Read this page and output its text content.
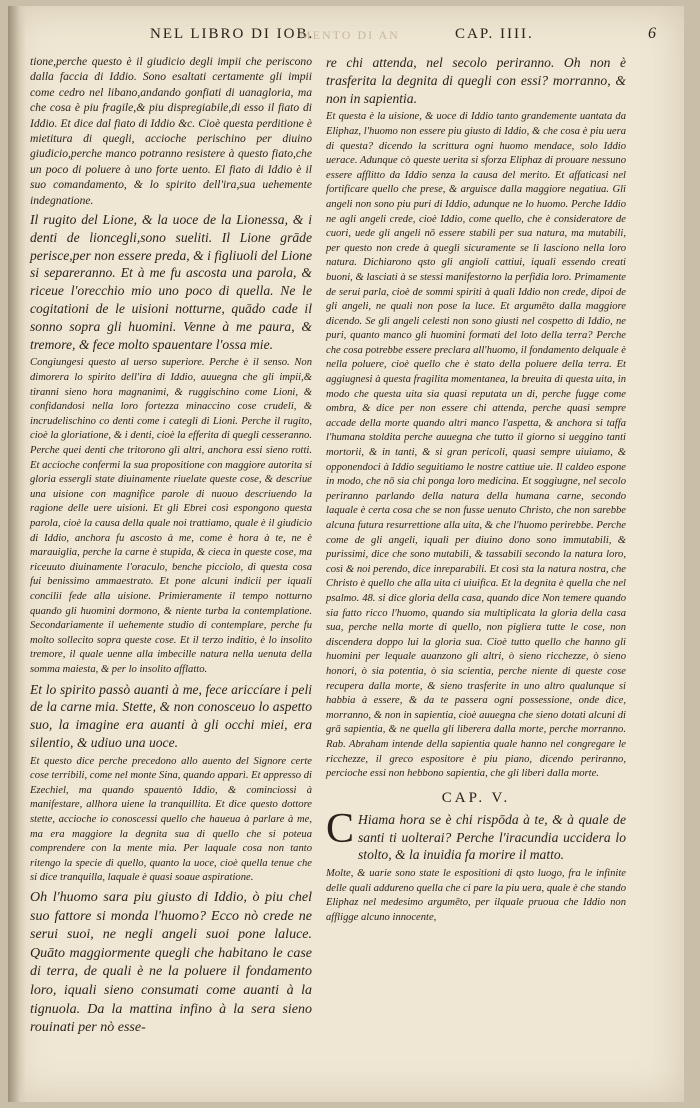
NEL LIBRO DI IOB.
MENTO DI AN	CAP. IIII.	6

tione,perche questo è il giudicio degli impii che periscono dalla faccia di Iddio. Sono esaltati certamente gli impii come cedro nel libano,andando gonfiati di uanagloria, ma che cosa è piu fragile,& piu dispregiabile,di esso il fiato di Iddio. Et dice dal fiato di Iddio &c. Cioè questa perditione è mietitura di quegli, accioche perischino per diuino giudicio,perche manco potranno resistere à questo fiato,che un poco di poluere à uno forte uento. El fiato di Iddio è il suo comandamento, & lo spirito dell'ira,sua uehemente indegnatione.

Il rugito del Lione, & la uoce de la Lionessa, & i denti de lioncegli,sono sueliti. Il Lione grāde perisce,per non essere preda, & i figliuoli del Lione si separeranno. Et à me fu ascosta una parola, & riceue l'orecchio mio uno poco di quella. Ne le cogitationi de le uisioni notturne, quādo cade il sonno sopra gli huomini. Venne à me paura, & tremore, & fece molto spauentare l'ossa mie.

Congiungesi questo al uerso superiore. Perche è il senso. Non dimorera lo spirito dell'ira di Iddio, auuegna che gli impii,& tiranni sieno hora magnanimi, & ruggischino come Lioni, & confidandosi nella loro fortezza minaccino cose crudeli, & incrudelischino co denti come i categli di Lioni. Perche il rugito, cioè la gloriatione, & i denti, cioè la efferita di quegli cesseranno. Perche quei denti che tritorono gli altri, anchora essi sieno rotti. Et accioche confermi la sua propositione con maggiore autorita si gloria essergli state diuinamente riuelate queste cose, & descriue una uisione con magnifice parole di nuouo descriuendo la ragione delle uere uisioni. Et gli Ebrei così espongono questa parola, cioè la causa della quale noi trattiamo, quale è il giudicio di Iddio, anchora fu ascosto à me, come è hora à te, ne è marauiglia, perche la carne è stupida, & cieca in queste cose, ma riceuuto diuinamente l'oraculo, benche picciolo, di questa cosa fui benissimo ammaestrato. Et pone alcuni indicii per iquali concilii fede alla uisione. Primieramente il tempo notturno quando gli huomini dormono, & niente turba la contemplatione. Secondariamente il uehemente studio di contemplare, perche fu molto sollecito sopra queste cose. Et il terzo inditio, è lo insolito tremore, il quale uenne alla imbecille natura nella uenuta della somma maiesta, & per lo insolito afflatto.

Et lo spirito passò auanti à me, fece ariccíare i peli de la carne mia. Stette, & non conosceuo lo aspetto suo, la imagine era auanti à gli occhi miei, era silentio, & udiuo una uoce.

Et questo dice perche precedono allo auento del Signore certe cose terribili, come nel monte Sina, quando apparì. Et appresso di Ezechiel, ma quando spauentò Iddio, & cominciossi à manifestare, allhora uiene la tranquillita. Et dice questo dottore stette, accioche io conoscessi quello che haueua à parlare à me, ma era maggiore la degnita sua di quello che si poteua comprendere con la mente mia. Per laquale cosa non tanto ritengo la specie di quello, quanto la uoce, cioè quella tenue che si dice tranquilla, laquale è quasi soaue aspiratione.

Oh l'huomo sara piu giusto di Iddio, ò piu chel suo fattore si monda l'huomo? Ecco nò crede ne serui suoi, ne negli angeli suoi pone laluce. Quāto maggiormente quegli che habitano le case di terra, de quali è ne la poluere il fondamento loro, iquali sieno consumati come auanti à la tignuola. Da la mattina infino à la sera sieno rouinati per nò esse-

re chi attenda, nel secolo periranno. Oh non è trasferita la degnita di quegli con essi? morranno, & non in sapientia.

Et questa è la uisione, & uoce di Iddio tanto grandemente uantata da Eliphaz, l'huomo non essere piu giusto di Iddio, & che cosa è piu uera di questa? dicendo la scrittura ogni huomo mendace, solo Iddio uerace. Adunque cò queste uerita si sforza Eliphaz di prouare nessuno essere afflitto da Iddio senza la causa del merito. Et affaticasi nel fortificare quello che prese, & arguisce dalla maggiore negatiua. Gli angeli non sono piu puri di Iddio, adunque ne lo huomo. Perche Iddio ne agli angeli crede, cioè Iddio, come quello, che è consideratore de cuori, uede gli angeli nō essere stabili per sua natura, ma mutabili, per questo non crede à quegli sicuramente se li lasciono nella loro natura. Dichiarono qsto gli angioli cattiui, iquali essendo creati buoni, & lasciati à se stessi manifestorno la perfidia loro. Primamente de serui parla, cioè de sommi spiriti à quali Iddio non crede, dipoi de gli angeli, ne quali non pose la luce. Et argumēto dalla maggiore dicendo. Se gli angeli celesti non sono giusti nel cospetto di Iddio, ne puri, quanto manco gli huomini formati del loto della terra? Perche che cosa potrebbe essere preclara all'huomo, il fondamento delquale è nella poluere, cioè quello che è stato della poluere della terra. Et aggiugnesi à questa fragilita momentanea, la breuita di questa uita, in modo che questa uita sia quasi reputata un di, perche fugge come ombra, & dice per non essere chi attenda, perche quasi sempre accade della morte quando altri manco l'aspetta, & anchora si taffa l'humana stoldita perche auuegna che tutto il giorno si ueggino tanti mortorii, & in tanti, & si gran pericoli, quasi sempre uiuiamo, & opponendoci à Iddio seguitiamo le nostre cattiue uie. Il caldeo espone in modo, che nō sia chi ponga loro medicina. Et soggiugne, nel secolo periranno parlando della natura della humana carne, secondo laquale è certa cosa che se non fusse uenuto Christo, che non sarebbe alcuna futura resurrettione alla uita, & che l'huomo perirebbe. Perche come de gli angeli, iquali per diuino dono sono immutabili, & purissimi, dice che sono mutabili, & tassabili secondo la natura loro, così & noi perendo, dice inreparabili. Et così sta la natura nostra, che Christo è quello che alla uita ci uiuifica. Et la degnita è quella che nel psalmo. 48. si dice gloria della casa, quando dice Non temere quando sia fatto ricco l'huomo, quando sia multiplicata la gloria della casa sua, perche nella morte di quello, non pigliera tutte le cose, non discendera doppo lui la gloria sua. Cioè tutto quello che hanno gli huomini per lequale auanzono gli altri, ò sieno ricchezze, ò sieno honori, ò sia potentia, ò sia scientia, perche niente di queste cose recupera dalla morte, & sieno trasferite in uno altro qualunque si habbia à essere, & da te passera ogni possessione, onde dice, morranno, & non in sapientia, cioè auuegna che sieno dotati alcuni di grā sapientia, & ne quella gli liberera dalla morte, perche morranno. Rab. Abraham intende della sapientia quale hanno nel congregare le ricchezze, il greco espositore è piu piano, dicendo periranno, percioche essi non hebbono sapientia, che gli liberi dalla morte.

CAP. V.

C Hiama hora se è chi rispōda à te, & à quale de santi ti uolterai? Perche l'iracundia uccidera lo stolto, & la inuidia fa morire il matto.

Molte, & uarie sono state le espositioni di qsto luogo, fra le infinite delle quali addureno quella che ci pare la piu uera, quale è che stando Eliphaz nel medesimo argumēto, per ilquale pruoua che Iddio non affligge alcuno innocente,
